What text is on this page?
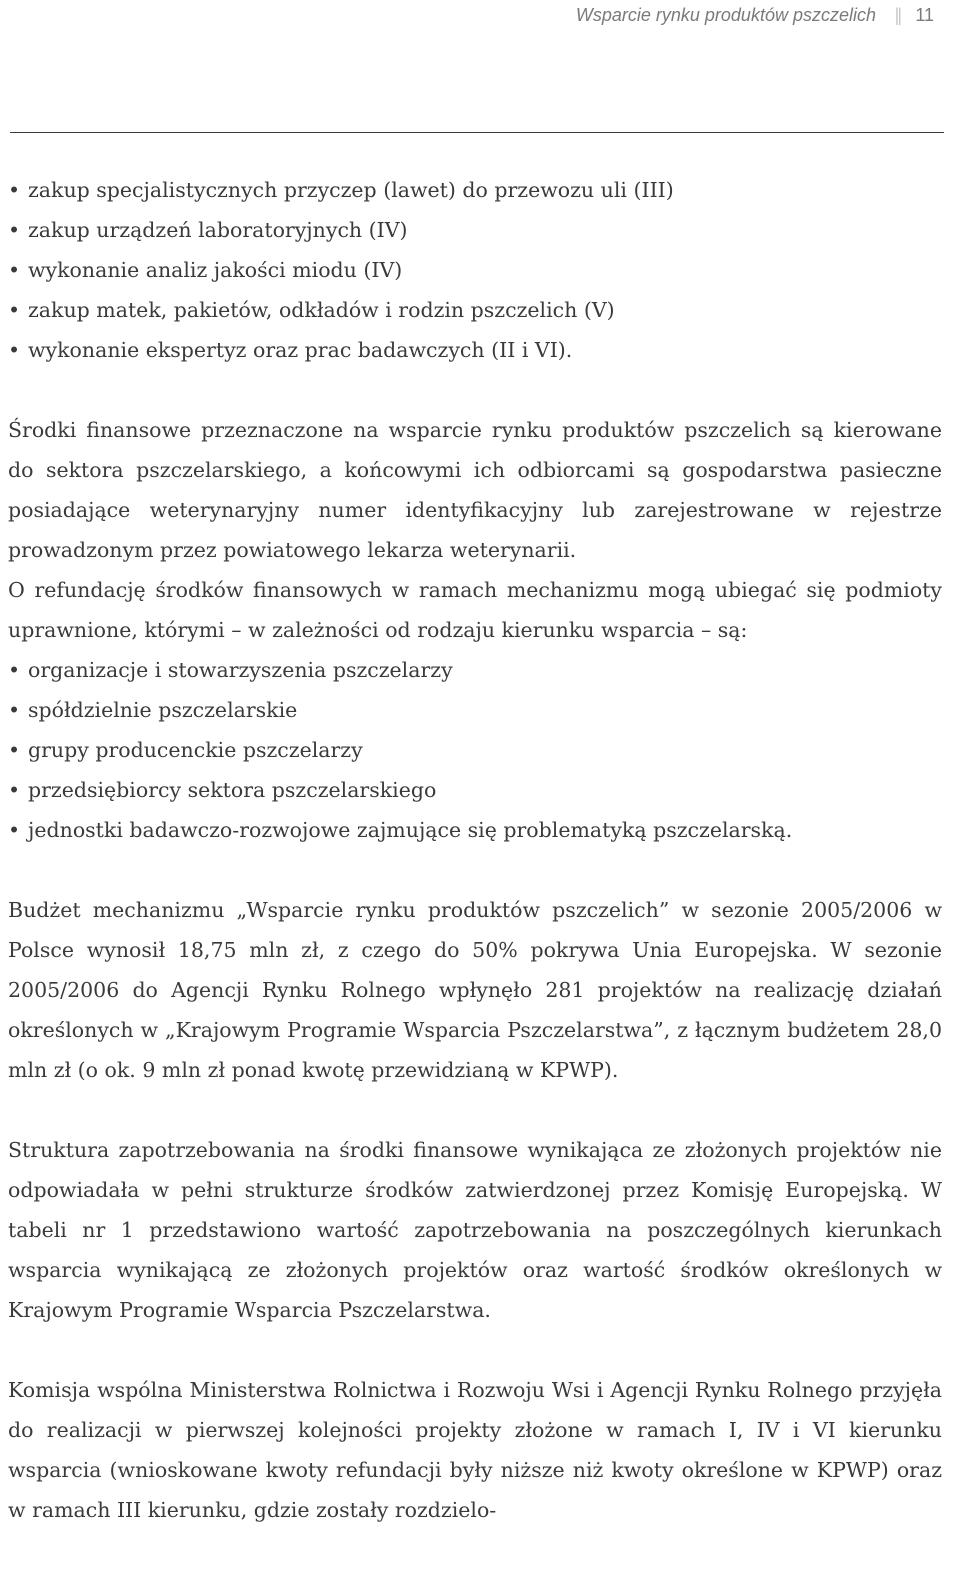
Wsparcie rynku produktów pszczelich || 11
• zakup specjalistycznych przyczep (lawet) do przewozu uli (III)
• zakup urządzeń laboratoryjnych (IV)
• wykonanie analiz jakości miodu (IV)
• zakup matek, pakietów, odkładów i rodzin pszczelich (V)
• wykonanie ekspertyz oraz prac badawczych (II i VI).

Środki finansowe przeznaczone na wsparcie rynku produktów pszczelich są kierowane do sektora pszczelarskiego, a końcowymi ich odbiorcami są gospodarstwa pasieczne posiadające weterynaryjny numer identyfikacyjny lub zarejestrowane w rejestrze prowadzonym przez powiatowego lekarza weterynarii.

O refundację środków finansowych w ramach mechanizmu mogą ubiegać się podmioty uprawnione, którymi – w zależności od rodzaju kierunku wsparcia – są:

• organizacje i stowarzyszenia pszczelarzy
• spółdzielnie pszczelarskie
• grupy producenckie pszczelarzy
• przedsiębiorcy sektora pszczelarskiego
• jednostki badawczo-rozwojowe zajmujące się problematyką pszczelarską.

Budżet mechanizmu „Wsparcie rynku produktów pszczelich” w sezonie 2005/2006 w Polsce wynosił 18,75 mln zł, z czego do 50% pokrywa Unia Europejska. W sezonie 2005/2006 do Agencji Rynku Rolnego wpłynęło 281 projektów na realizację działań określonych w „Krajowym Programie Wsparcia Pszczelarstwa”, z łącznym budżetem 28,0 mln zł (o ok. 9 mln zł ponad kwotę przewidzianą w KPWP).

Struktura zapotrzebowania na środki finansowe wynikająca ze złożonych projektów nie odpowiadała w pełni strukturze środków zatwierdzonej przez Komisję Europejską. W tabeli nr 1 przedstawiono wartość zapotrzebowania na poszczególnych kierunkach wsparcia wynikającą ze złożonych projektów oraz wartość środków określonych w Krajowym Programie Wsparcia Pszczelarstwa.

Komisja wspólna Ministerstwa Rolnictwa i Rozwoju Wsi i Agencji Rynku Rolnego przyjęła do realizacji w pierwszej kolejności projekty złożone w ramach I, IV i VI kierunku wsparcia (wnioskowane kwoty refundacji były niższe niż kwoty określone w KPWP) oraz w ramach III kierunku, gdzie zostały rozdzielo-
